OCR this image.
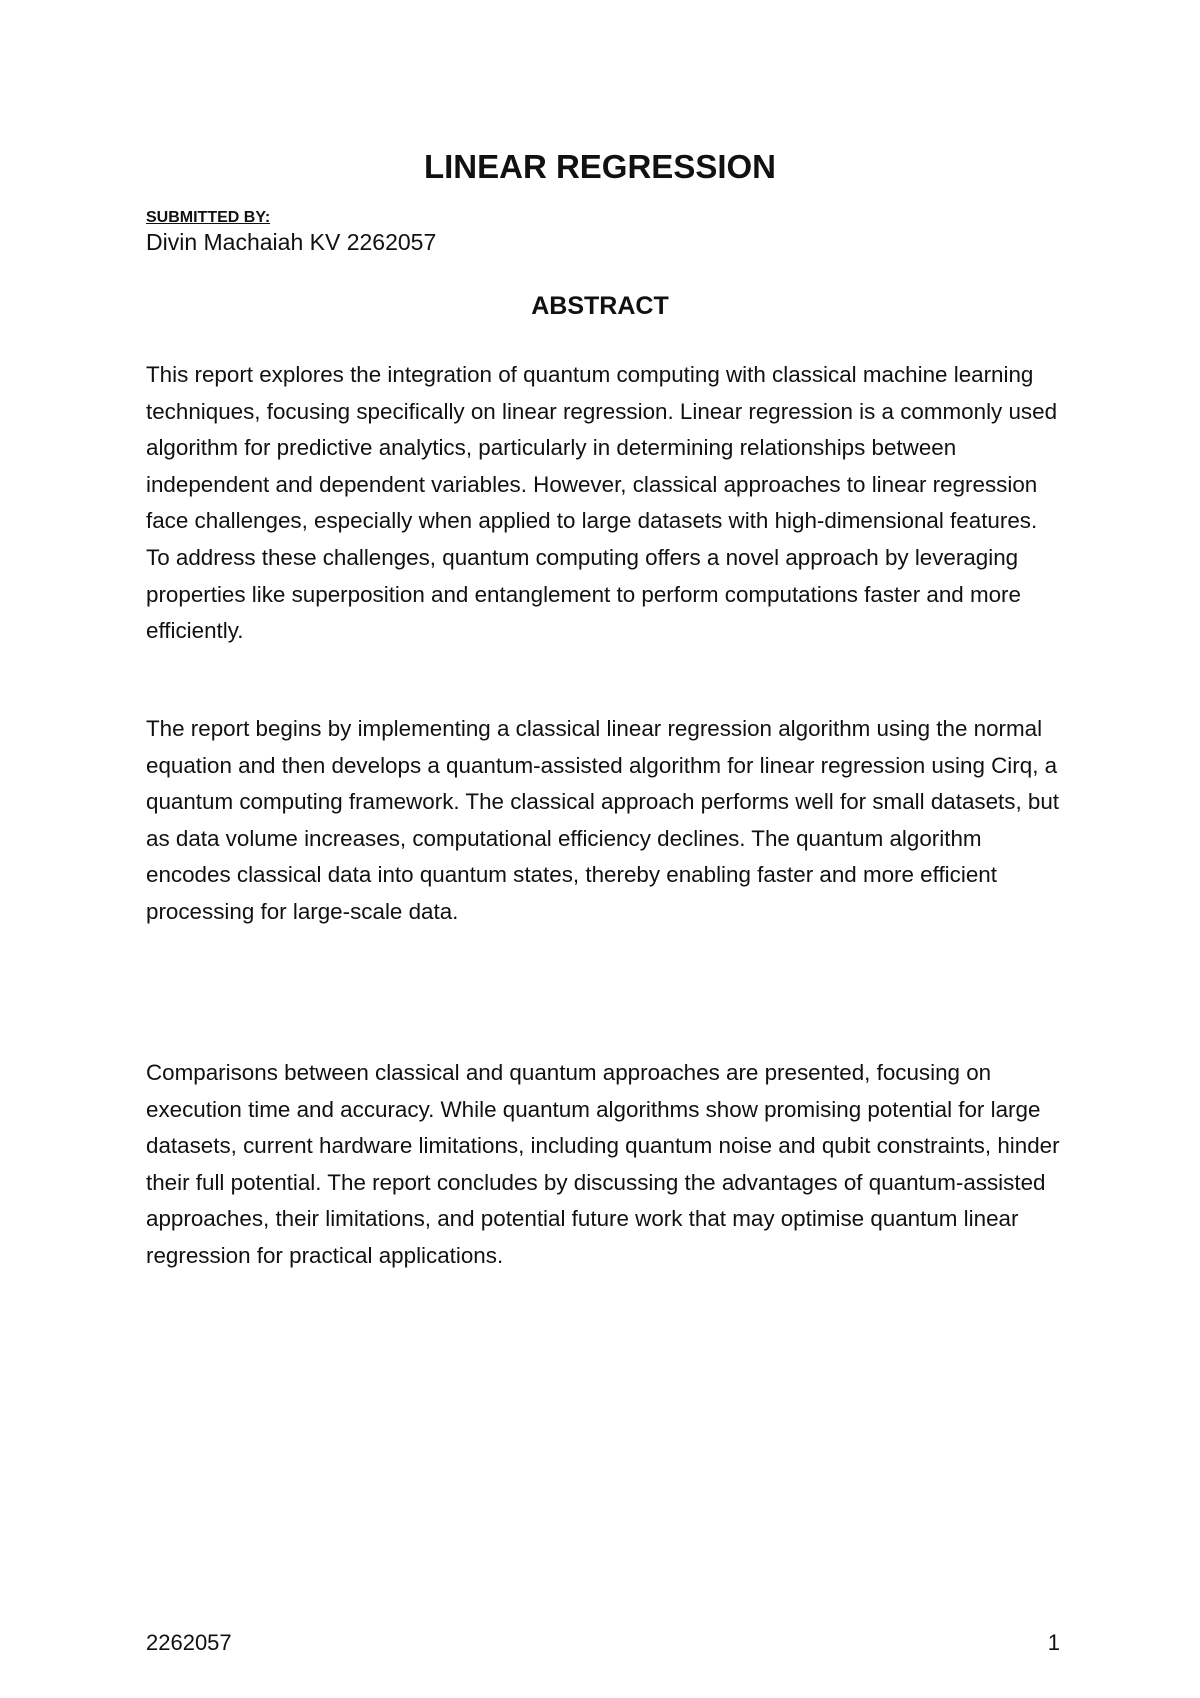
LINEAR REGRESSION

SUBMITTED BY:

Divin Machaiah KV 2262057

ABSTRACT

This report explores the integration of quantum computing with classical machine learning techniques, focusing specifically on linear regression. Linear regression is a commonly used algorithm for predictive analytics, particularly in determining relationships between independent and dependent variables. However, classical approaches to linear regression face challenges, especially when applied to large datasets with high-dimensional features. To address these challenges, quantum computing offers a novel approach by leveraging properties like superposition and entanglement to perform computations faster and more efficiently.

The report begins by implementing a classical linear regression algorithm using the normal equation and then develops a quantum-assisted algorithm for linear regression using Cirq, a quantum computing framework. The classical approach performs well for small datasets, but as data volume increases, computational efficiency declines. The quantum algorithm encodes classical data into quantum states, thereby enabling faster and more efficient processing for large-scale data.

Comparisons between classical and quantum approaches are presented, focusing on execution time and accuracy. While quantum algorithms show promising potential for large datasets, current hardware limitations, including quantum noise and qubit constraints, hinder their full potential. The report concludes by discussing the advantages of quantum-assisted approaches, their limitations, and potential future work that may optimise quantum linear regression for practical applications.

2262057	1
